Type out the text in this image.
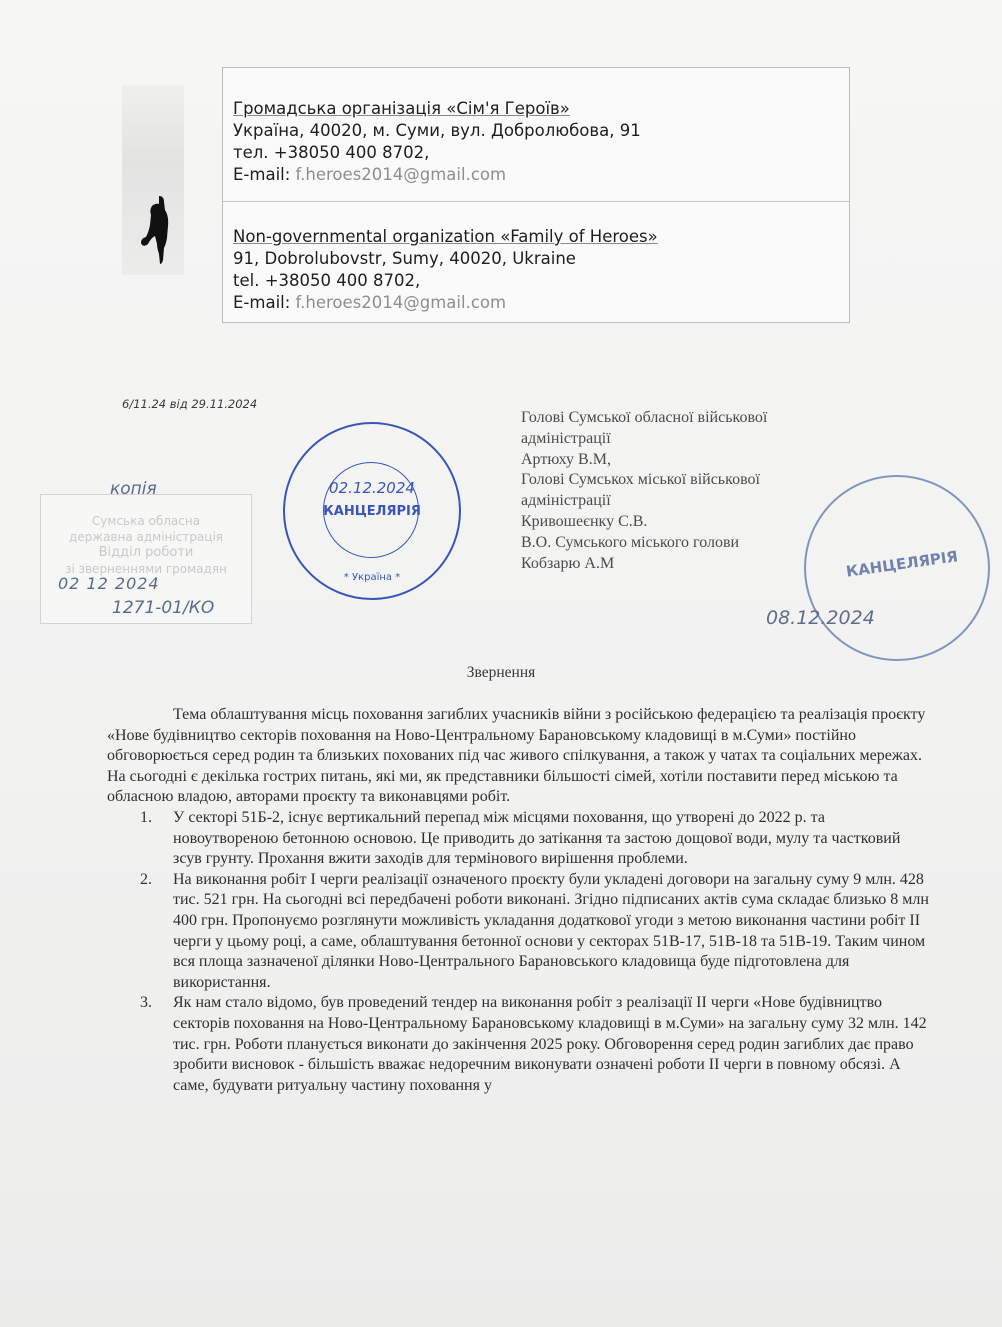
Громадська організація «Сім'я Героїв»
Україна, 40020, м. Суми, вул. Добролюбова, 91
тел. +38050 400 8702,
E-mail: f.heroes2014@gmail.com
Non-governmental organization «Family of Heroes»
91, Dobrolubovstr, Sumy, 40020, Ukraine
tel. +38050 400 8702,
E-mail: f.heroes2014@gmail.com
6/11.24 від 29.11.2024
Сумська обласна
державна адміністрація
Відділ роботи
зі зверненнями громадян
копія
02 12 2024
1271-01/КО
02.12.2024
КАНЦЕЛЯРІЯ
* Україна *
Голові Сумської обласної військової
адміністрації
Артюху В.М,
Голові Сумськох міської військової
адміністрації
Кривошеєнку С.В.
В.О. Сумського міського голови
Кобзарю А.М	КАНЦЕЛЯРІЯ
08.12.2024
Звернення

Тема облаштування місць поховання загиблих учасників війни з російською федерацією та реалізація проєкту «Нове будівництво секторів поховання на Ново-Центральному Барановському кладовищі в м.Суми» постійно обговорюється серед родин та близьких похованих під час живого спілкування, а також у чатах та соціальних мережах. На сьогодні є декілька гострих питань, які ми, як представники більшості сімей, хотіли поставити перед міською та обласною владою, авторами проєкту та виконавцями робіт.

1. У секторі 51Б-2, існує вертикальний перепад між місцями поховання, що утворені до 2022 р. та новоутвореною бетонною основою. Це приводить до затікання та застою дощової води, мулу та частковий зсув грунту. Прохання вжити заходів для термінового вирішення проблеми.
2. На виконання робіт І черги реалізації означеного проєкту були укладені договори на загальну суму 9 млн. 428 тис. 521 грн. На сьогодні всі передбачені роботи виконані. Згідно підписаних актів сума складає близько 8 млн 400 грн. Пропонуємо розглянути можливість укладання додаткової угоди з метою виконання частини робіт ІІ черги у цьому році, а саме, облаштування бетонної основи у секторах 51В-17, 51В-18 та 51В-19. Таким чином вся площа зазначеної ділянки Ново-Центрального Барановського кладовища буде підготовлена для використання.
3. Як нам стало відомо, був проведений тендер на виконання робіт з реалізації ІІ черги «Нове будівництво секторів поховання на Ново-Центральному Барановському кладовищі в м.Суми» на загальну суму 32 млн. 142 тис. грн. Роботи планується виконати до закінчення 2025 року. Обговорення серед родин загиблих дає право зробити висновок - більшість вважає недоречним виконувати означені роботи ІІ черги в повному обсязі. А саме, будувати ритуальну частину поховання у
